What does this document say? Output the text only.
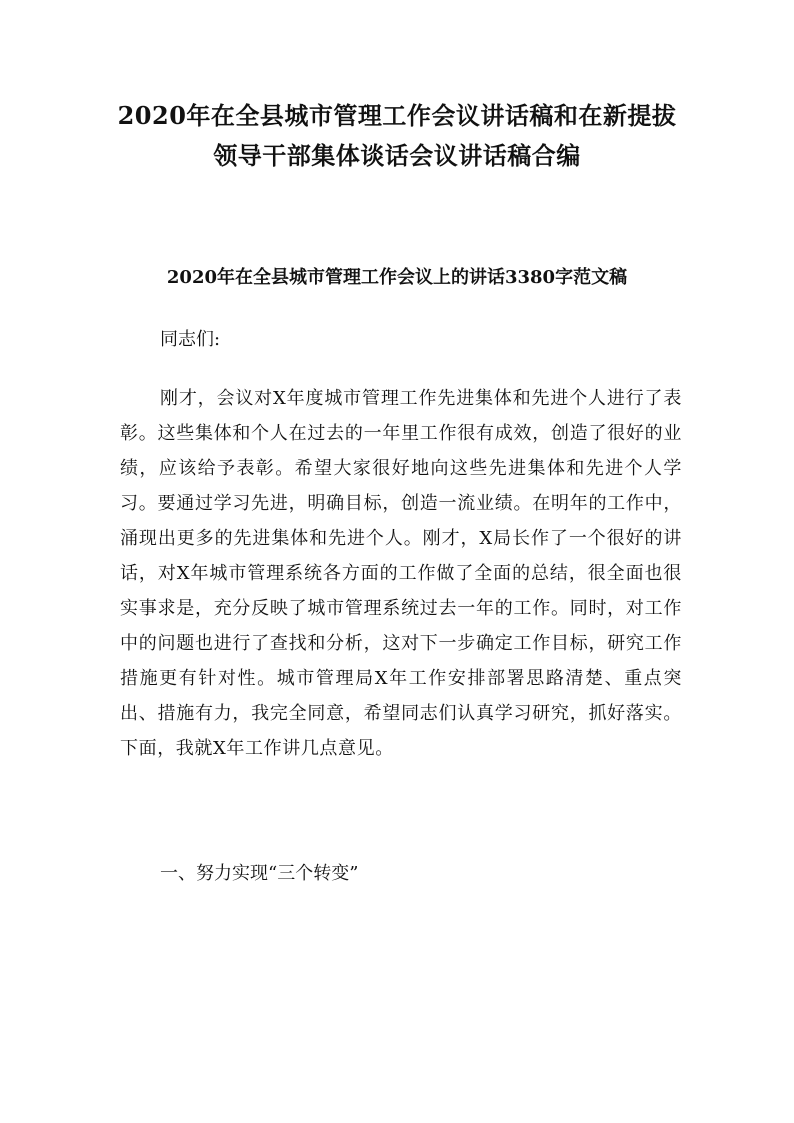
2020年在全县城市管理工作会议讲话稿和在新提拔
领导干部集体谈话会议讲话稿合编
2020年在全县城市管理工作会议上的讲话3380字范文稿
同志们:

刚才，会议对X年度城市管理工作先进集体和先进个人进行了表彰。这些集体和个人在过去的一年里工作很有成效，创造了很好的业绩，应该给予表彰。希望大家很好地向这些先进集体和先进个人学习。要通过学习先进，明确目标，创造一流业绩。在明年的工作中，涌现出更多的先进集体和先进个人。刚才，X局长作了一个很好的讲话，对X年城市管理系统各方面的工作做了全面的总结，很全面也很实事求是，充分反映了城市管理系统过去一年的工作。同时，对工作中的问题也进行了查找和分析，这对下一步确定工作目标，研究工作措施更有针对性。城市管理局X年工作安排部署思路清楚、重点突出、措施有力，我完全同意，希望同志们认真学习研究，抓好落实。下面，我就X年工作讲几点意见。

一、努力实现“三个转变”
